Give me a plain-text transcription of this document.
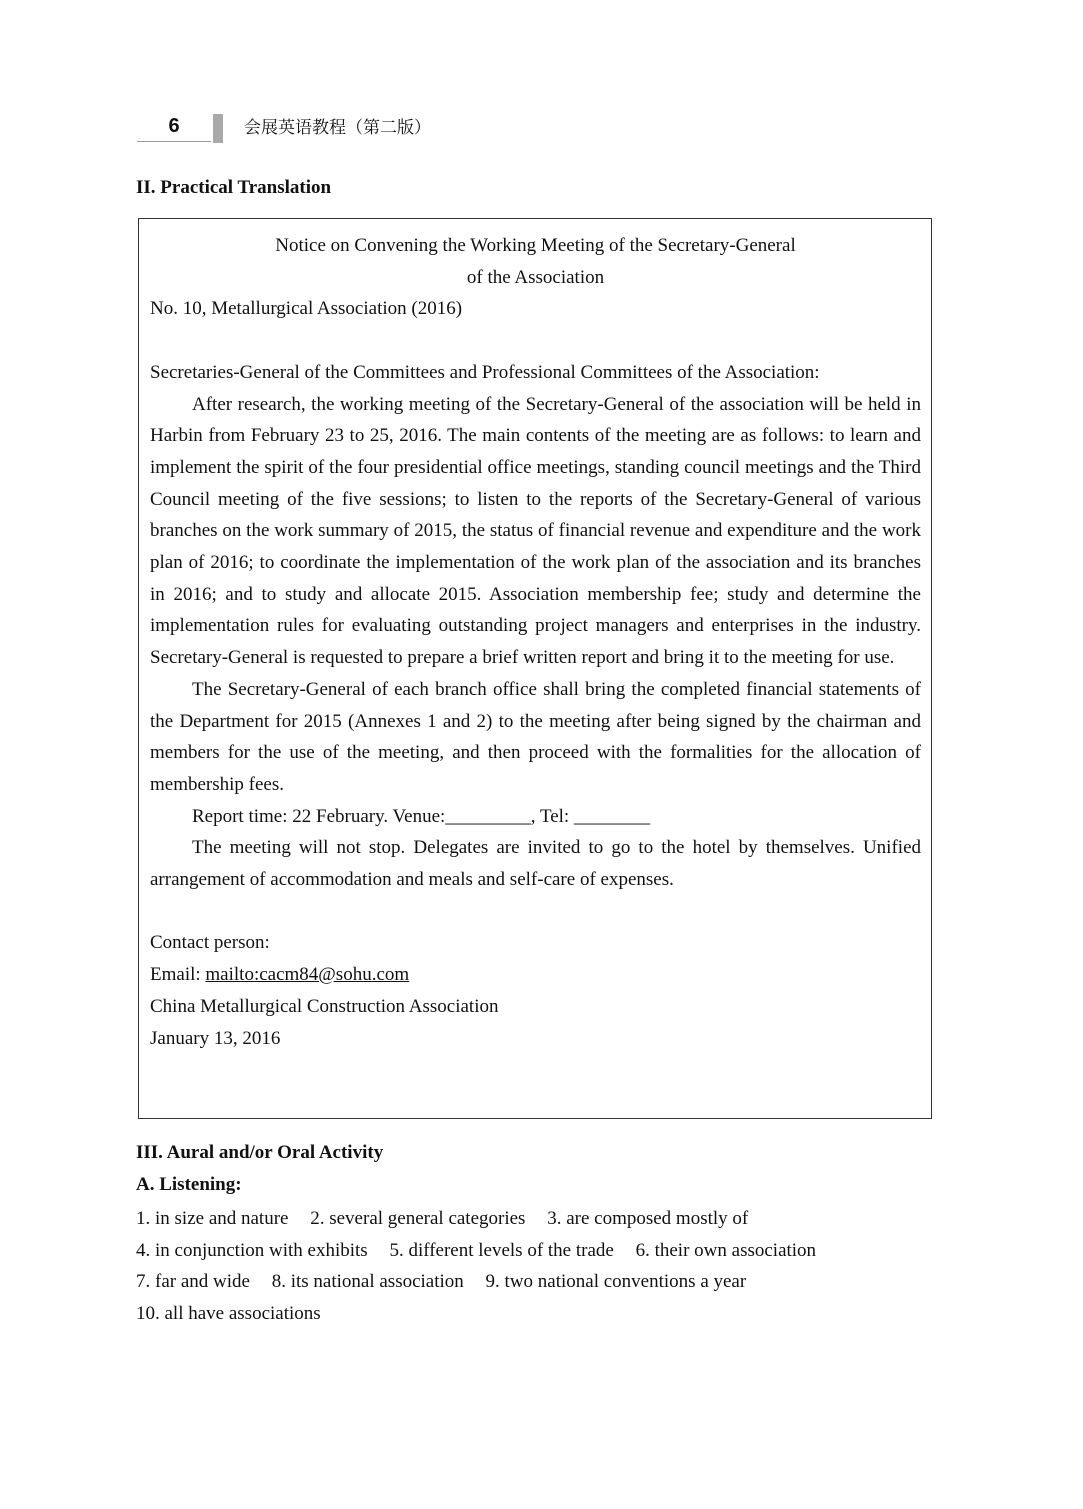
6	会展英语教程（第二版）
II. Practical Translation
Notice on Convening the Working Meeting of the Secretary-General
of the Association

No. 10, Metallurgical Association (2016)

Secretaries-General of the Committees and Professional Committees of the Association:

After research, the working meeting of the Secretary-General of the association will be held in Harbin from February 23 to 25, 2016. The main contents of the meeting are as follows: to learn and implement the spirit of the four presidential office meetings, standing council meetings and the Third Council meeting of the five sessions; to listen to the reports of the Secretary-General of various branches on the work summary of 2015, the status of financial revenue and expenditure and the work plan of 2016; to coordinate the implementation of the work plan of the association and its branches in 2016; and to study and allocate 2015. Association membership fee; study and determine the implementation rules for evaluating outstanding project managers and enterprises in the industry. Secretary-General is requested to prepare a brief written report and bring it to the meeting for use.

The Secretary-General of each branch office shall bring the completed financial statements of the Department for 2015 (Annexes 1 and 2) to the meeting after being signed by the chairman and members for the use of the meeting, and then proceed with the formalities for the allocation of membership fees.

Report time: 22 February. Venue:_________, Tel: ________

The meeting will not stop. Delegates are invited to go to the hotel by themselves. Unified arrangement of accommodation and meals and self-care of expenses.

Contact person:

Email: mailto:cacm84@sohu.com

China Metallurgical Construction Association

January 13, 2016

III. Aural and/or Oral Activity
A. Listening:

1. in size and nature 2. several general categories 3. are composed mostly of

4. in conjunction with exhibits 5. different levels of the trade 6. their own association

7. far and wide 8. its national association 9. two national conventions a year

10. all have associations
